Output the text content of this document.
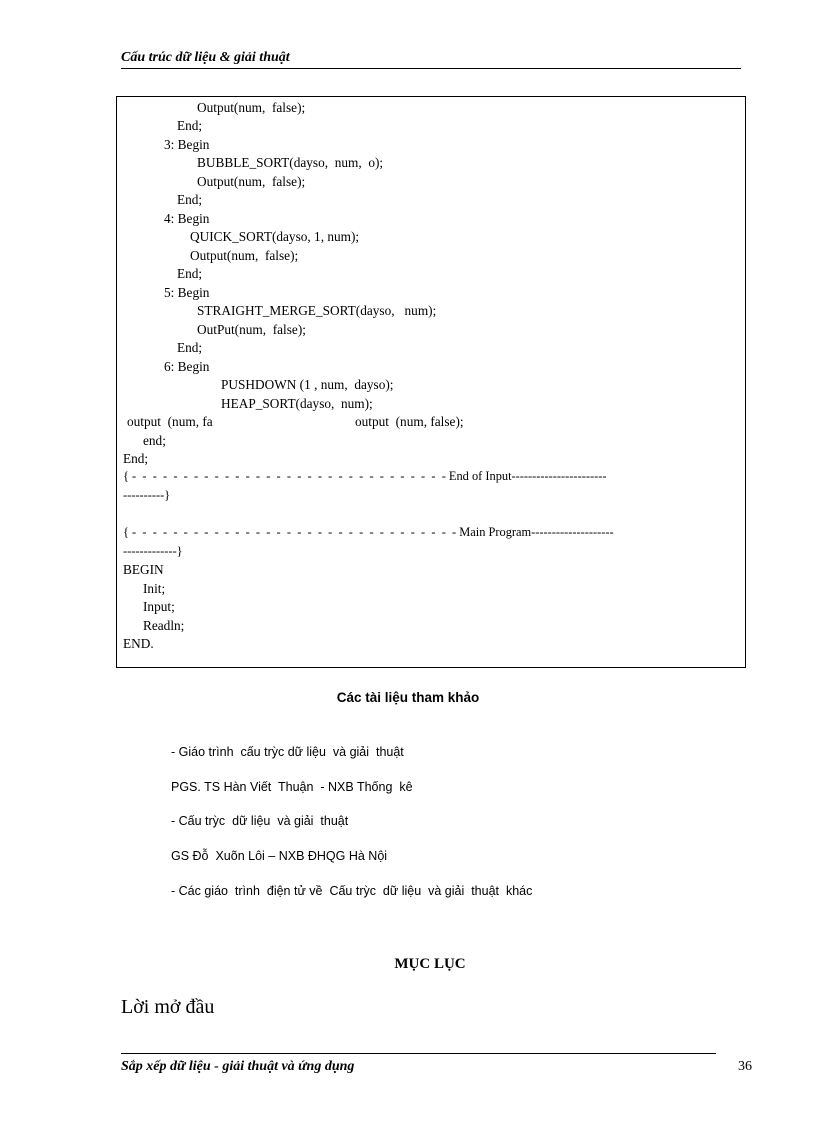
Cấu trúc dữ liệu & giải thuật
Output(num,  false);
End;
3: Begin
BUBBLE_SORT(dayso,  num,  o);
Output(num,  false);
End;
4: Begin
QUICK_SORT(dayso, 1, num);
Output(num,  false);
End;
5: Begin
STRAIGHT_MERGE_SORT(dayso,   num);
OutPut(num,  false);
End;
6: Begin
PUSHDOWN (1 , num,  dayso);
HEAP_SORT(dayso,  num);
output  (num, fa	output  (num, false);
end;
End;
{ -  -  -  -  -  -  -  -  -  -  -  -  -  -  -  -  -  -  -  -  -  -  -  -  -  -  -  -  -  -  - End of Input-----------------------
----------}
{ -  -  -  -  -  -  -  -  -  -  -  -  -  -  -  -  -  -  -  -  -  -  -  -  -  -  -  -  -  -  -  - Main Program--------------------
-------------}
BEGIN
Init;
Input;
Readln;
END.
Các tài liệu tham khảo
- Giáo trình  cấu trỳc dữ liệu  và giải  thuật
PGS. TS Hàn Viết  Thuận  - NXB Thống  kê
- Cấu trỳc  dữ liệu  và giải  thuật
GS Đỗ  Xuõn Lôi – NXB ĐHQG Hà Nội
- Các giáo  trình  điện tử về  Cấu trỳc  dữ liệu  và giải  thuật  khác
MỤC LỤC
Lời mở đầu
Sắp xếp dữ liệu - giải thuật và ứng dụng	36
